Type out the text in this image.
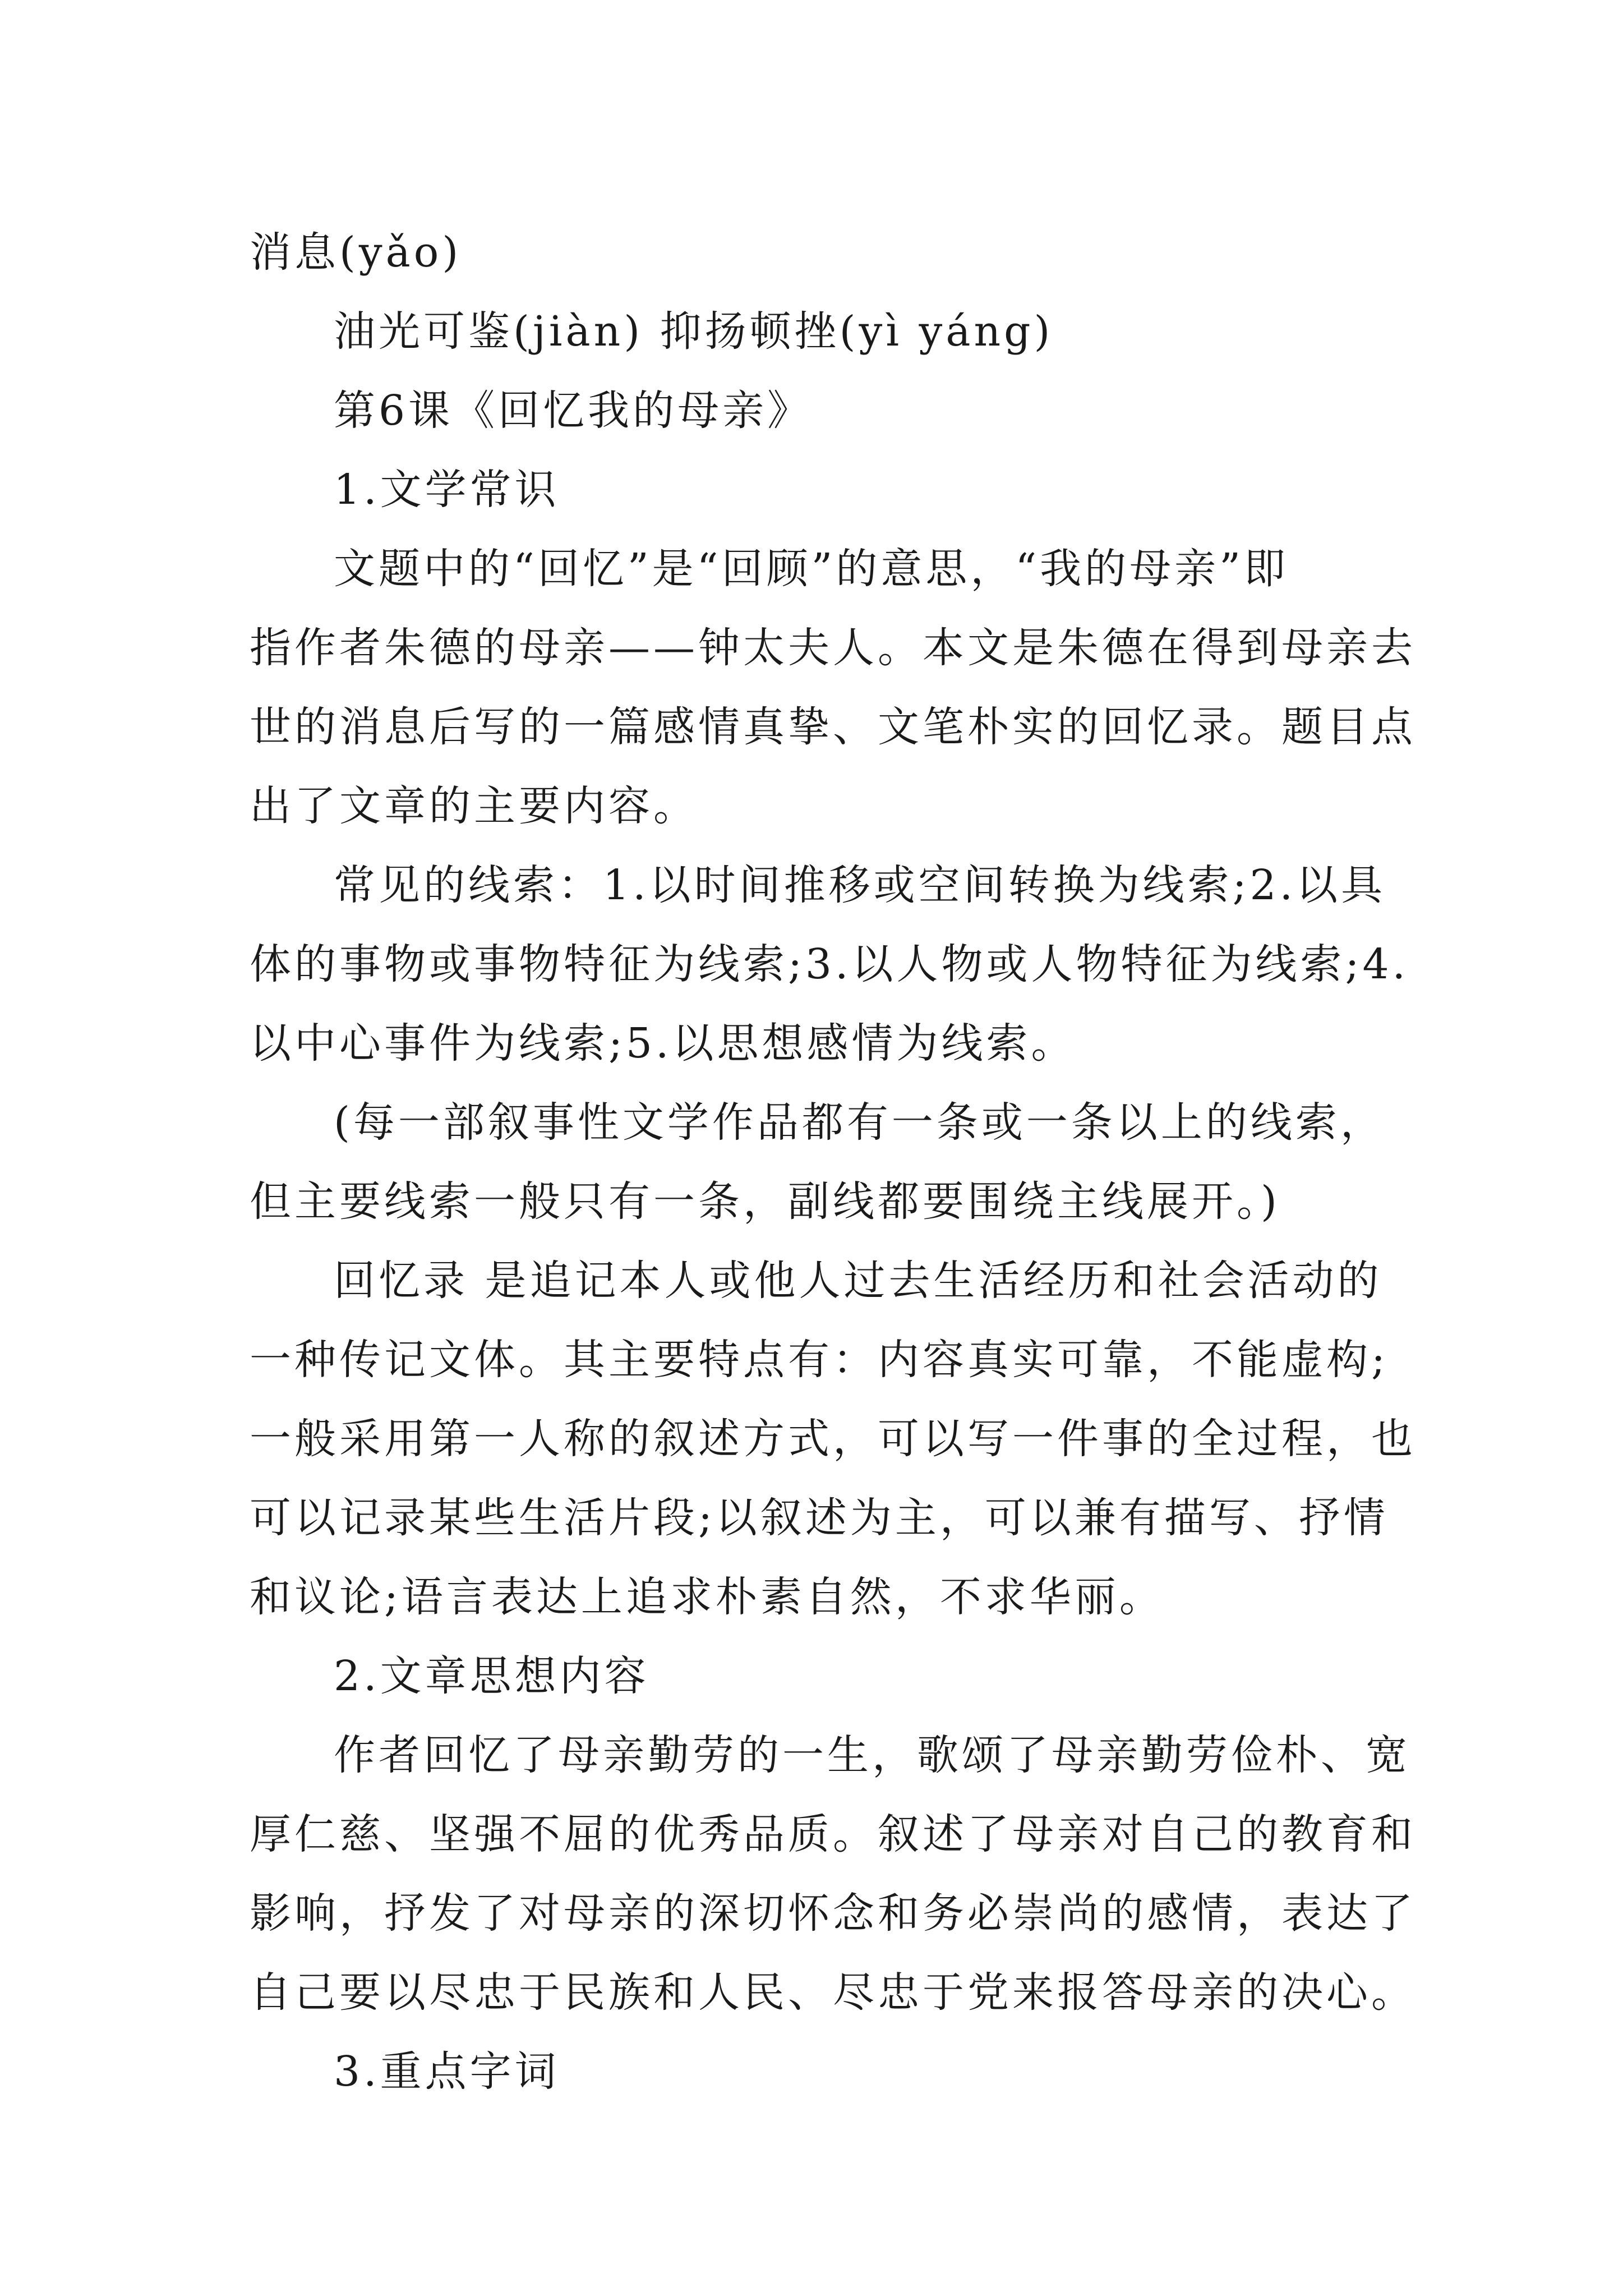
消息(yǎo)
油光可鉴(jiàn) 抑扬顿挫(yì yáng)
第6课《回忆我的母亲》
1.文学常识
文题中的“回忆”是“回顾”的意思，“我的母亲”即
指作者朱德的母亲——钟太夫人。本文是朱德在得到母亲去
世的消息后写的一篇感情真挚、文笔朴实的回忆录。题目点
出了文章的主要内容。
常见的线索：1.以时间推移或空间转换为线索;2.以具
体的事物或事物特征为线索;3.以人物或人物特征为线索;4.
以中心事件为线索;5.以思想感情为线索。
(每一部叙事性文学作品都有一条或一条以上的线索，
但主要线索一般只有一条，副线都要围绕主线展开。)
回忆录 是追记本人或他人过去生活经历和社会活动的
一种传记文体。其主要特点有：内容真实可靠，不能虚构;
一般采用第一人称的叙述方式，可以写一件事的全过程，也
可以记录某些生活片段;以叙述为主，可以兼有描写、抒情
和议论;语言表达上追求朴素自然，不求华丽。
2.文章思想内容
作者回忆了母亲勤劳的一生，歌颂了母亲勤劳俭朴、宽
厚仁慈、坚强不屈的优秀品质。叙述了母亲对自己的教育和
影响，抒发了对母亲的深切怀念和务必崇尚的感情，表达了
自己要以尽忠于民族和人民、尽忠于党来报答母亲的决心。
3.重点字词
